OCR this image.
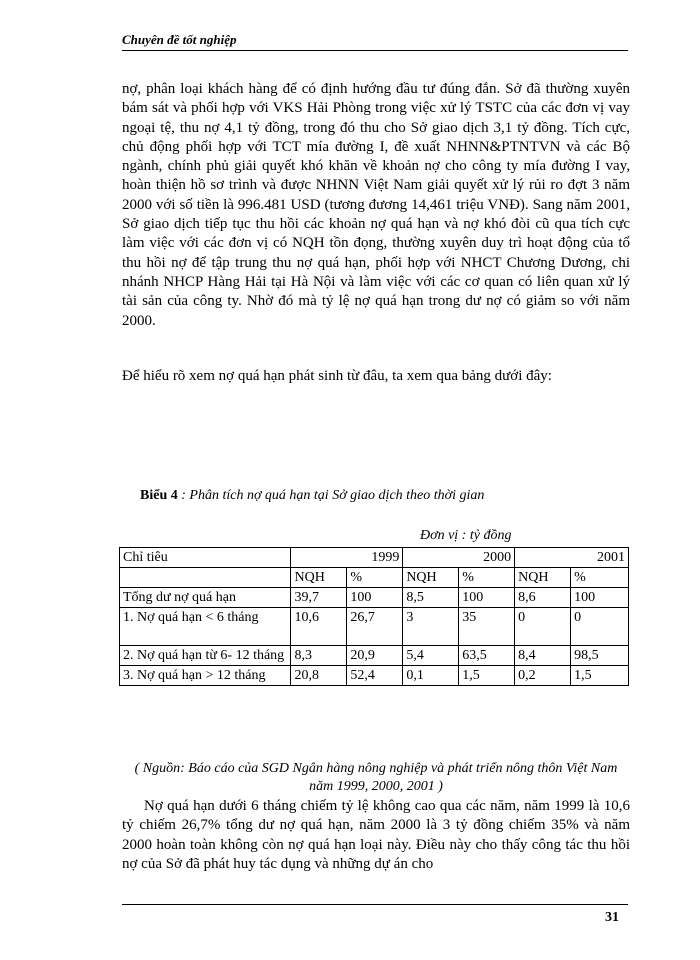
Chuyên đề tốt nghiệp
nợ, phân loại khách hàng để có định hướng đầu tư đúng đắn. Sở đã thường xuyên bám sát và phối hợp với VKS Hải Phòng trong việc xử lý TSTC của các đơn vị vay ngoại tệ, thu nợ 4,1 tỷ đồng, trong đó thu cho Sở giao dịch 3,1 tỷ đồng. Tích cực, chủ động phối hợp với TCT mía đường I, đề xuất NHNN&PTNTVN và các Bộ ngành, chính phủ giải quyết khó khăn về khoản nợ cho công ty mía đường I vay, hoàn thiện hồ sơ trình và được NHNN Việt Nam giải quyết xử lý rủi ro đợt 3 năm 2000 với số tiền là 996.481 USD (tương đương 14,461 triệu VNĐ). Sang năm 2001, Sở giao dịch tiếp tục thu hồi các khoản nợ quá hạn và nợ khó đòi cũ qua tích cực làm việc với các đơn vị có NQH tồn đọng, thường xuyên duy trì hoạt động của tổ thu hồi nợ để tập trung thu nợ quá hạn, phối hợp với NHCT Chương Dương, chi nhánh NHCP Hàng Hải tại Hà Nội và làm việc với các cơ quan có liên quan xử lý tài sản của công ty. Nhờ đó mà tỷ lệ nợ quá hạn trong dư nợ có giảm so với năm 2000.
Để hiểu rõ xem nợ quá hạn phát sinh từ đâu, ta xem qua bảng dưới đây:
Biểu 4 : Phân tích nợ quá hạn tại Sở giao dịch theo thời gian
Đơn vị : tỷ đồng
Chỉ tiêu	1999		2000		2001	
	NQH	%	NQH	%	NQH	%
Tổng dư nợ quá hạn	39,7	100	8,5	100	8,6	100
1. Nợ quá hạn < 6 tháng	10,6	26,7	3	35	0	0
2. Nợ quá hạn từ 6- 12 tháng	8,3	20,9	5,4	63,5	8,4	98,5
3. Nợ quá hạn > 12 tháng	20,8	52,4	0,1	1,5	0,2	1,5
( Nguồn: Báo cáo của SGD Ngân hàng nông nghiệp và phát triển nông thôn Việt Nam năm 1999, 2000, 2001 )
Nợ quá hạn dưới 6 tháng chiếm tỷ lệ không cao qua các năm, năm 1999 là 10,6 tỷ chiếm 26,7% tổng dư nợ quá hạn, năm 2000 là 3 tỷ đồng chiếm 35% và năm 2000 hoàn toàn không còn nợ quá hạn loại này. Điều này cho thấy công tác thu hồi nợ của Sở đã phát huy tác dụng và những dự án cho
31
